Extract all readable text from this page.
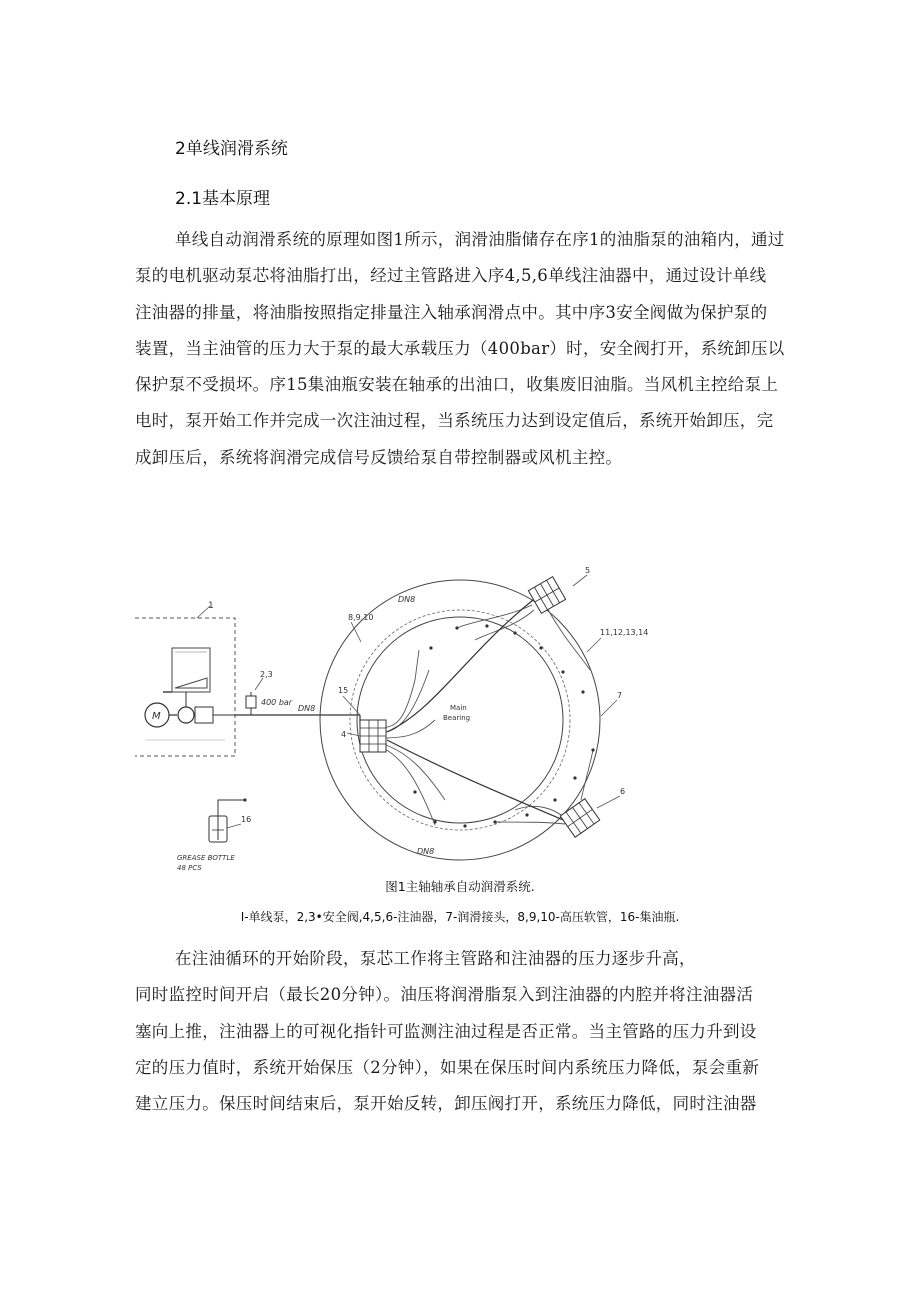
2单线润滑系统
2.1基本原理
单线自动润滑系统的原理如图1所示，润滑油脂储存在序1的油脂泵的油箱内，通过
泵的电机驱动泵芯将油脂打出，经过主管路进入序4,5,6单线注油器中，通过设计单线
注油器的排量，将油脂按照指定排量注入轴承润滑点中。其中序3安全阀做为保护泵的
装置，当主油管的压力大于泵的最大承载压力（400bar）时，安全阀打开，系统卸压以
保护泵不受损坏。序15集油瓶安装在轴承的出油口，收集废旧油脂。当风机主控给泵上
电时，泵开始工作并完成一次注油过程，当系统压力达到设定值后，系统开始卸压，完
成卸压后，系统将润滑完成信号反馈给泵自带控制器或风机主控。
1
M
2,3
400 bar
DN8	Main
Bearing
DN8
8,9,10
5
11,12,13,14
7
15
4
6
DN8
16
GREASE BOTTLE
48 PCS
图1主轴轴承自动润滑系统.
I-单线泵，2,3•安全阀,4,5,6-注油器，7-润滑接头，8,9,10-高压软管，16-集油瓶.
在注油循环的开始阶段，泵芯工作将主管路和注油器的压力逐步升高，
同时监控时间开启（最长20分钟）。油压将润滑脂泵入到注油器的内腔并将注油器活
塞向上推，注油器上的可视化指针可监测注油过程是否正常。当主管路的压力升到设
定的压力值时，系统开始保压（2分钟），如果在保压时间内系统压力降低，泵会重新
建立压力。保压时间结束后，泵开始反转，卸压阀打开，系统压力降低，同时注油器
